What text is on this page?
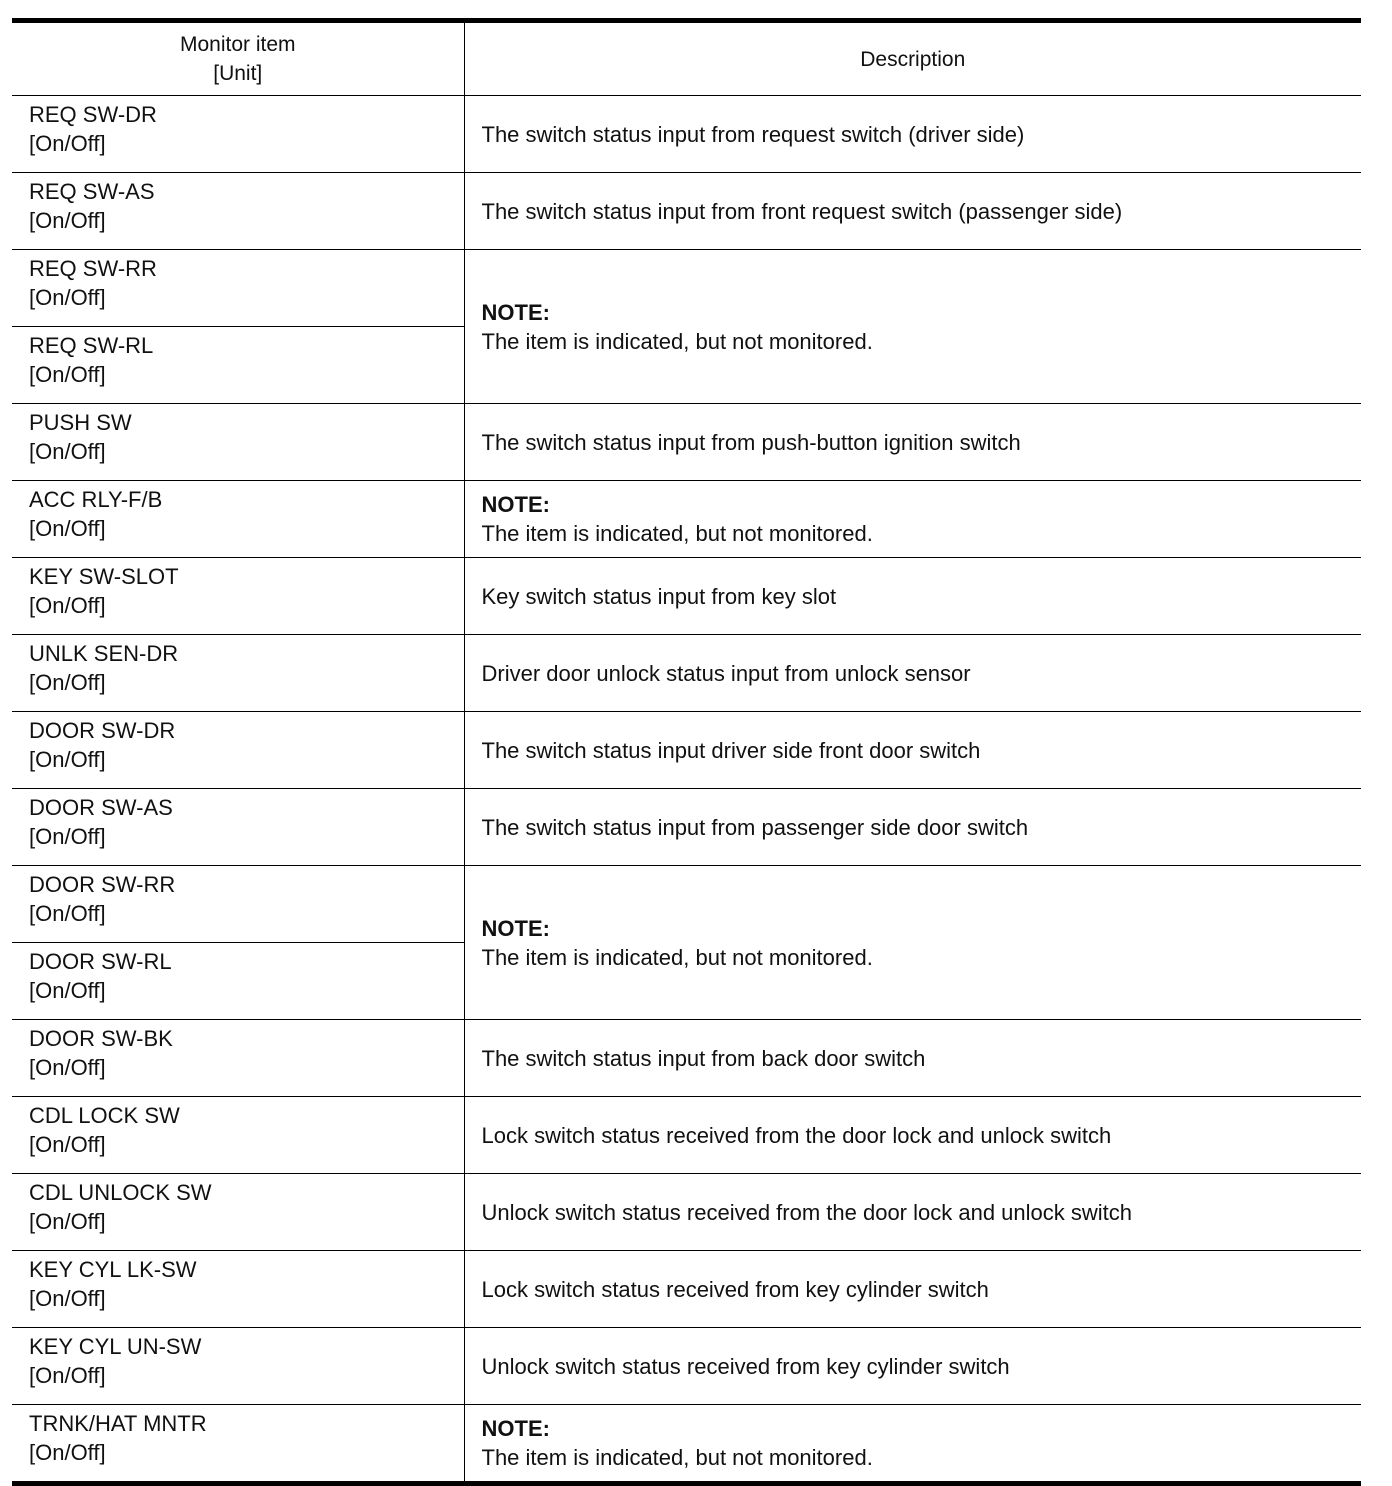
Monitor item
[Unit]	Description
REQ SW-DR
[On/Off]	The switch status input from request switch (driver side)
REQ SW-AS
[On/Off]	The switch status input from front request switch (passenger side)
REQ SW-RR
[On/Off]	NOTE:
The item is indicated, but not monitored.

REQ SW-RL
[On/Off]	
PUSH SW
[On/Off]	The switch status input from push-button ignition switch
ACC RLY-F/B
[On/Off]	NOTE:
The item is indicated, but not monitored.

KEY SW-SLOT
[On/Off]	Key switch status input from key slot
UNLK SEN-DR
[On/Off]	Driver door unlock status input from unlock sensor
DOOR SW-DR
[On/Off]	The switch status input driver side front door switch
DOOR SW-AS
[On/Off]	The switch status input from passenger side door switch
DOOR SW-RR
[On/Off]	NOTE:
The item is indicated, but not monitored.

DOOR SW-RL
[On/Off]	
DOOR SW-BK
[On/Off]	The switch status input from back door switch
CDL LOCK SW
[On/Off]	Lock switch status received from the door lock and unlock switch
CDL UNLOCK SW
[On/Off]	Unlock switch status received from the door lock and unlock switch
KEY CYL LK-SW
[On/Off]	Lock switch status received from key cylinder switch
KEY CYL UN-SW
[On/Off]	Unlock switch status received from key cylinder switch
TRNK/HAT MNTR
[On/Off]	NOTE:
The item is indicated, but not monitored.
